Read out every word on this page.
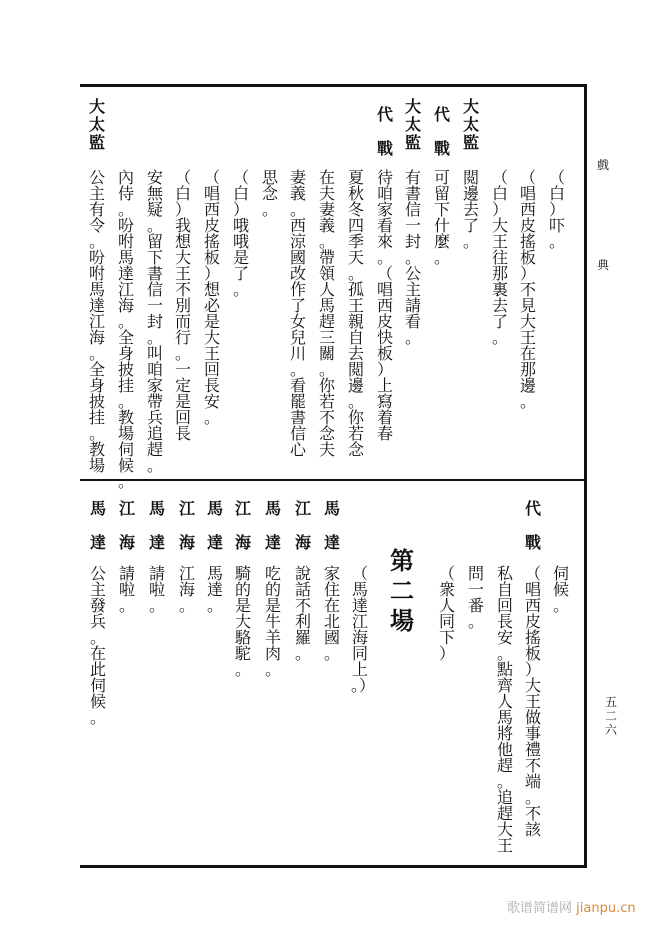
戲
典
五二六
歌谱简谱网 jianpu.cn
（白）吓。
（唱西皮搖板）不見大王在那邊。
（白）大王往那裏去了。
大太監
閲邊去了。
代戰
可留下什麼。
大太監
有書信一封。公主請看。
代戰
待咱家看來。（唱西皮快板）上寫着春
夏秋冬四季天。孤王親自去閲邊。你若念
在夫妻義。帶領人馬趕三關。你若不念夫
妻義。西涼國改作了女兒川。看罷書信心
思念。
（白）哦哦是了。
（唱西皮搖板）想必是大王回長安。
（白）我想大王不別而行。一定是回長
安無疑。留下書信一封。叫咱家帶兵追趕。
內侍。吩咐馬達江海。全身披挂。教場伺候。
大太監
公主有令。吩咐馬達江海。全身披挂。教場
伺候。
代戰
（唱西皮搖板）大王做事禮不端。不該
私自回長安。點齊人馬將他趕。追趕大王
問一番。
（衆人同下）
第二場
（馬達江海同上。）
馬達
家住在北國。
江海
說話不利羅。
馬達
吃的是牛羊肉。
江海
騎的是大駱駝。
馬達
馬達。
江海
江海。
馬達
請啦。
江海
請啦。
馬達
公主發兵。在此伺候。
